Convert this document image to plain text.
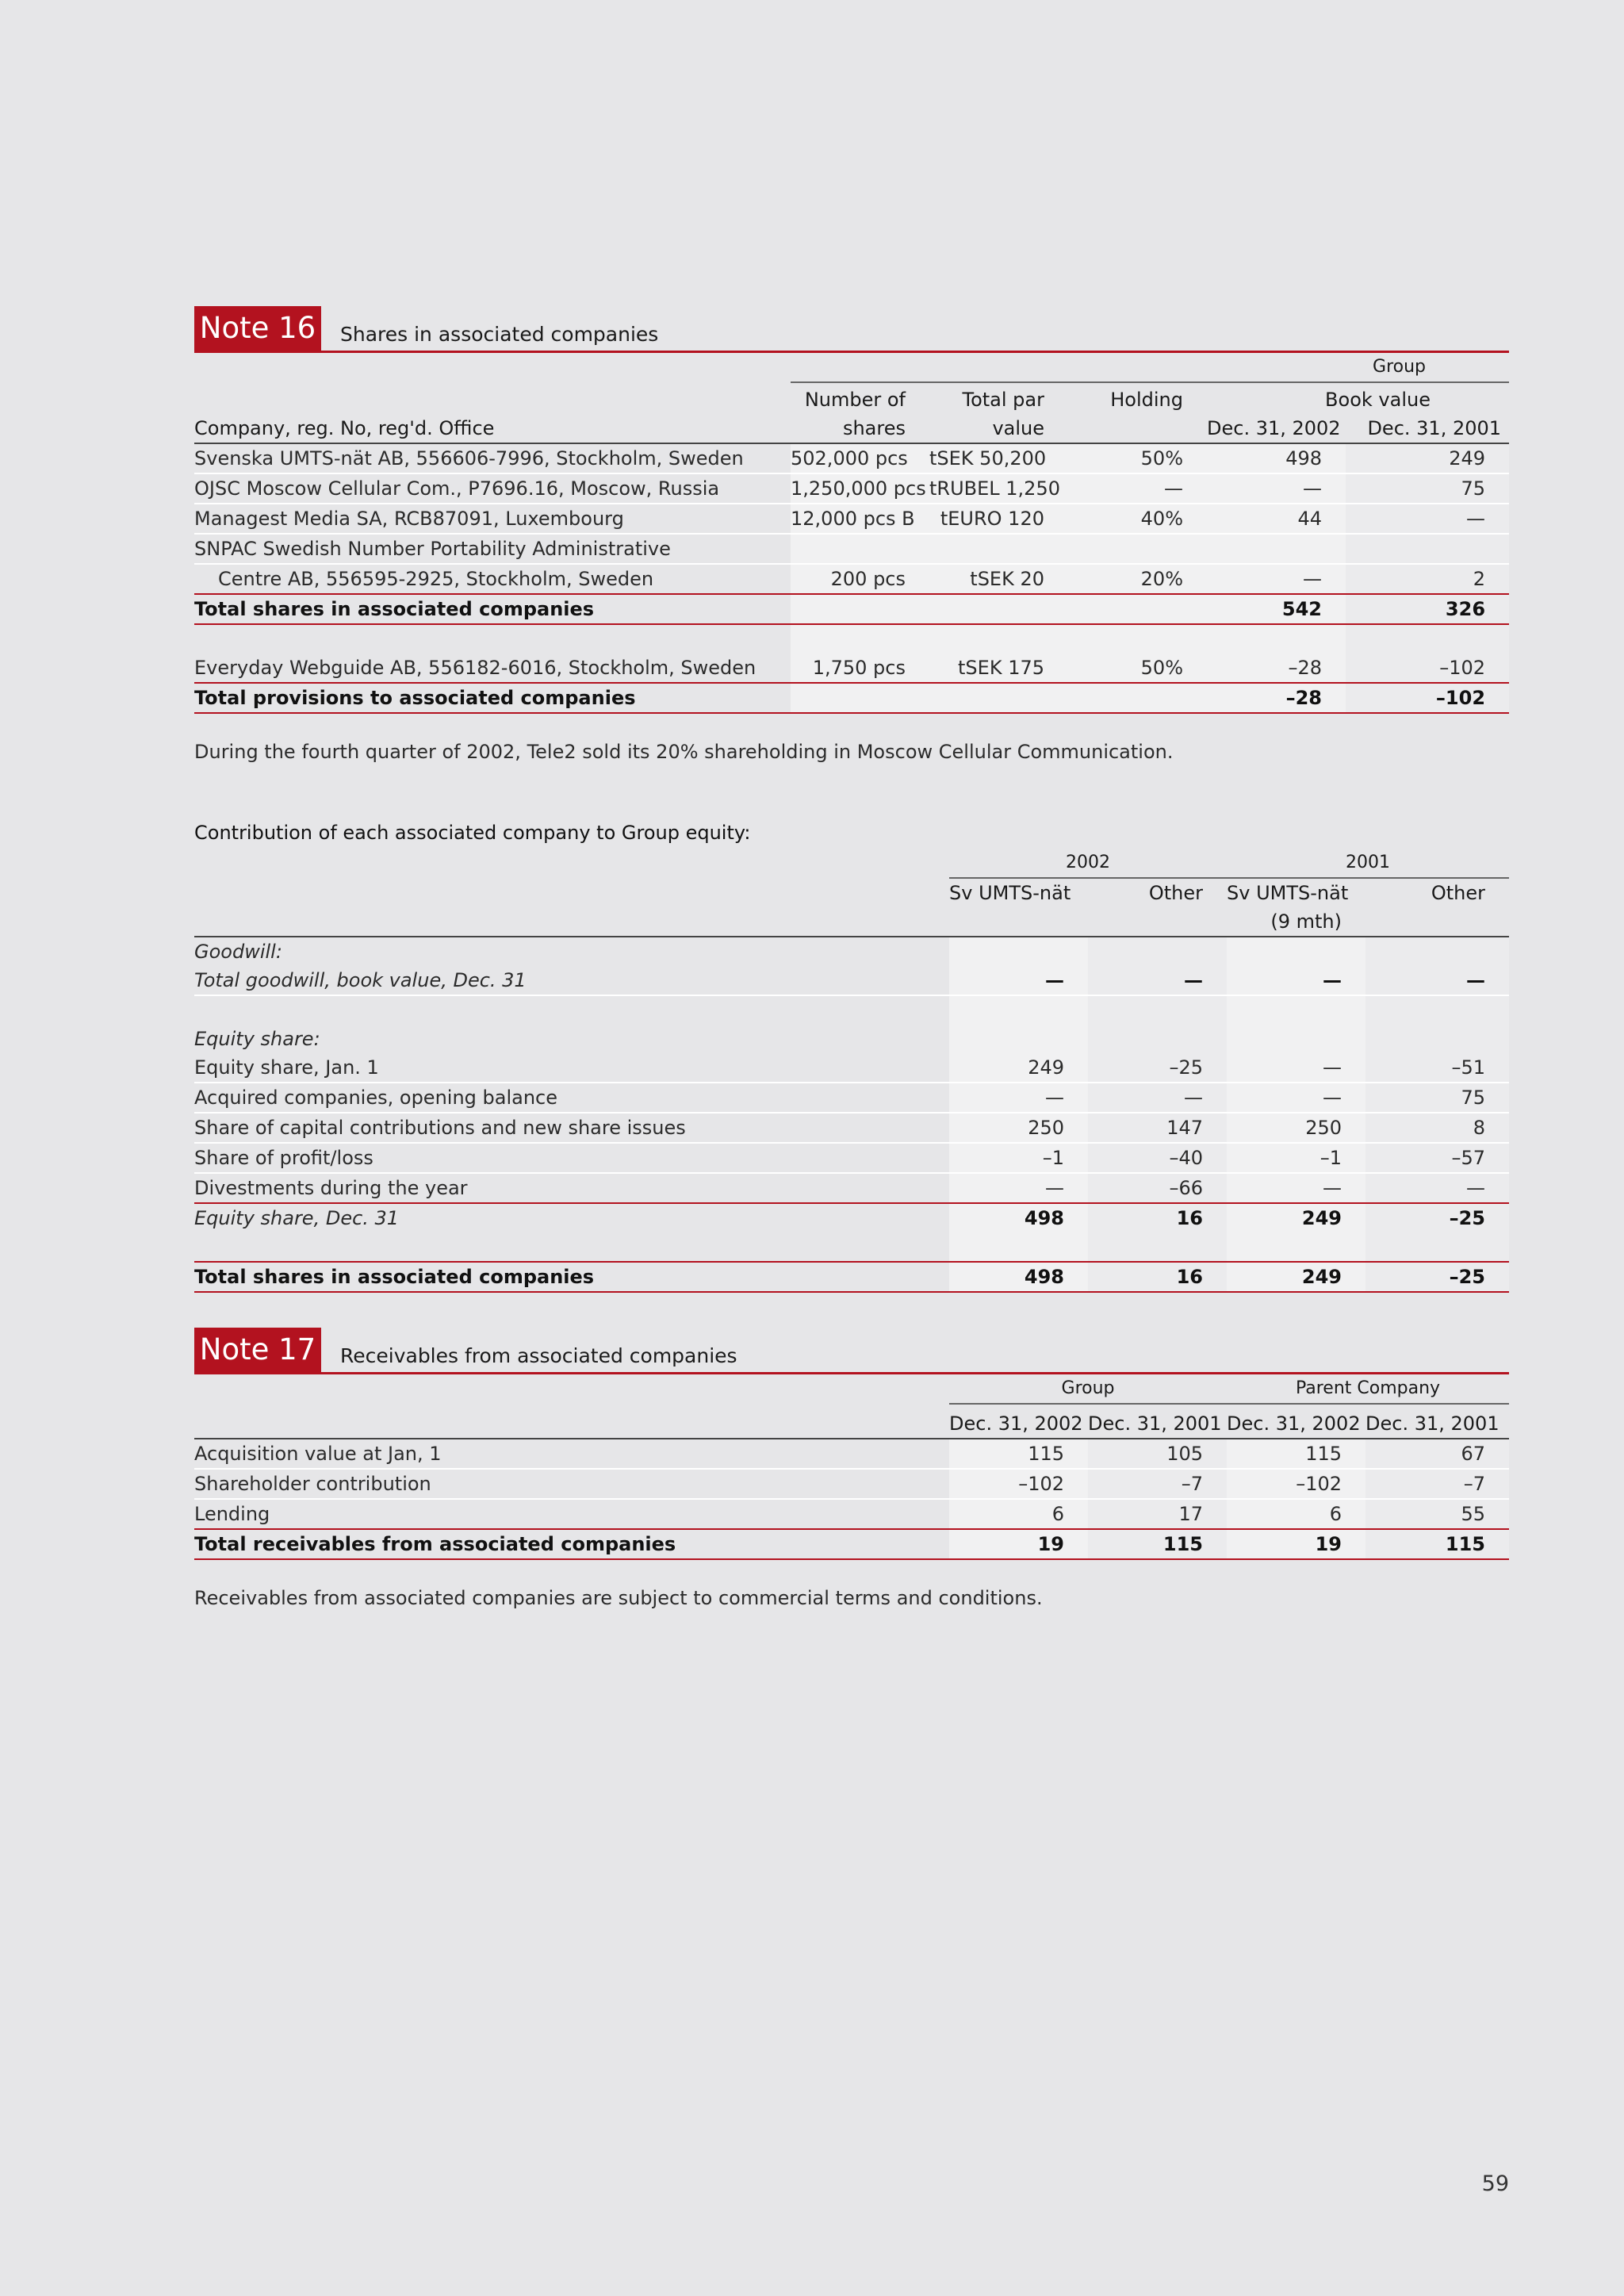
Note 16 Shares in associated companies
	Group				
	Number of	Total par	Holding	Book value	
Company, reg. No, reg'd. Office	shares	value		Dec. 31, 2002	Dec. 31, 2001
Svenska UMTS-nät AB, 556606-7996, Stockholm, Sweden	502,000 pcs	tSEK 50,200	50%	498	249
OJSC Moscow Cellular Com., P7696.16, Moscow, Russia	1,250,000 pcs	tRUBEL 1,250	—	—	75
Managest Media SA, RCB87091, Luxembourg	12,000 pcs B	tEURO 120	40%	44	—
SNPAC Swedish Number Portability Administrative					
Centre AB, 556595-2925, Stockholm, Sweden	200 pcs	tSEK 20	20%	—	2
Total shares in associated companies				542	326

Everyday Webguide AB, 556182-6016, Stockholm, Sweden	1,750 pcs	tSEK 175	50%	–28	–102
Total provisions to associated companies				–28	–102

During the fourth quarter of 2002, Tele2 sold its 20% shareholding in Moscow Cellular Communication.

Contribution of each associated company to Group equity:
	2002		2001	
	Sv UMTS-nät	Other	Sv UMTS-nät	Other
			(9 mth)	
Goodwill:				
Total goodwill, book value, Dec. 31	—	—	—	—

Equity share:				
Equity share, Jan. 1	249	–25	—	–51
Acquired companies, opening balance	—	—	—	75
Share of capital contributions and new share issues	250	147	250	8
Share of profit/loss	–1	–40	–1	–57
Divestments during the year	—	–66	—	—
Equity share, Dec. 31	498	16	249	–25

Total shares in associated companies	498	16	249	–25
Note 17 Receivables from associated companies
	Group		Parent Company	
	Dec. 31, 2002	Dec. 31, 2001	Dec. 31, 2002	Dec. 31, 2001
Acquisition value at Jan, 1	115	105	115	67
Shareholder contribution	–102	–7	–102	–7
Lending	6	17	6	55
Total receivables from associated companies	19	115	19	115

Receivables from associated companies are subject to commercial terms and conditions.

59
